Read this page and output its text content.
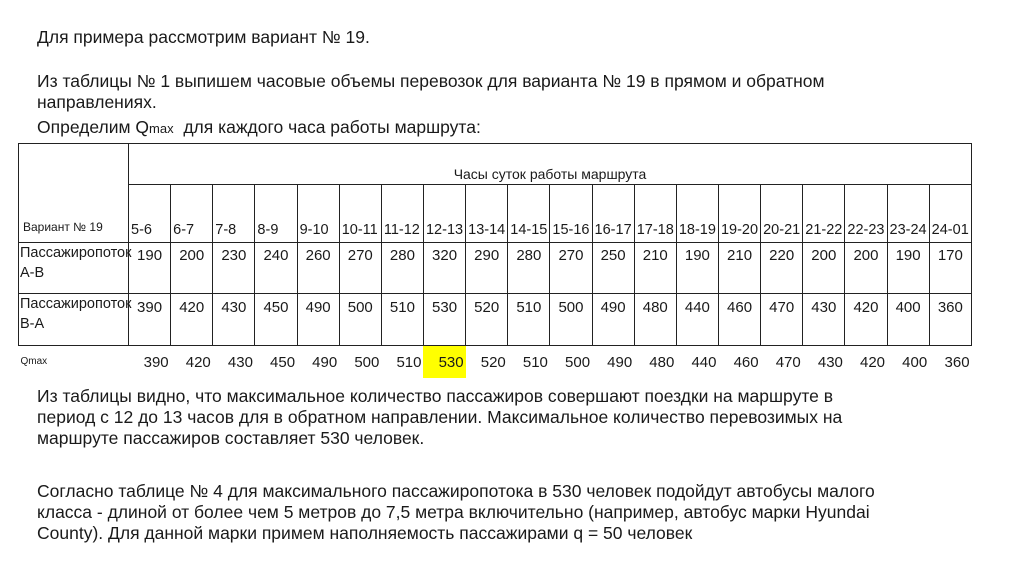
Для примера рассмотрим вариант № 19.
Из таблицы № 1 выпишем часовые объемы перевозок для варианта № 19 в прямом и обратном
направлениях.
Определим Qmax  для каждого часа работы маршрута:
Вариант № 19	Часы суток работы маршрута																			
	5-6	6-7	7-8	8-9	9-10	10-11	11-12	12-13	13-14	14-15	15-16	16-17	17-18	18-19	19-20	20-21	21-22	22-23	23-24	24-01
Пассажиропоток А-В	190	200	230	240	260	270	280	320	290	280	270	250	210	190	210	220	200	200	190	170
Пассажиропоток В-А	390	420	430	450	490	500	510	530	520	510	500	490	480	440	460	470	430	420	400	360
Qmax	390	420	430	450	490	500	510	530	520	510	500	490	480	440	460	470	430	420	400	360
Из таблицы видно, что максимальное количество пассажиров совершают поездки на маршруте в
период с 12 до 13 часов для в обратном направлении. Максимальное количество перевозимых на
маршруте пассажиров составляет 530 человек.
Согласно таблице № 4 для максимального пассажиропотока в 530 человек подойдут автобусы малого
класса - длиной от более чем 5 метров до 7,5 метра включительно (например, автобус марки Hyundai
County). Для данной марки примем наполняемость пассажирами q = 50 человек
